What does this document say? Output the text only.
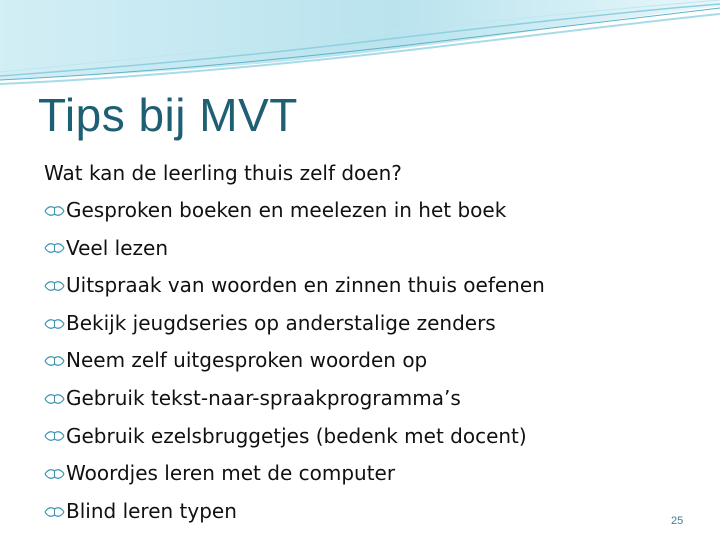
Tips bij MVT

Wat kan de leerling thuis zelf doen?

Gesproken boeken en meelezen in het boek
Veel lezen
Uitspraak van woorden en zinnen thuis oefenen
Bekijk jeugdseries op anderstalige zenders
Neem zelf uitgesproken woorden op
Gebruik tekst-naar-spraakprogramma’s
Gebruik ezelsbruggetjes (bedenk met docent)
Woordjes leren met de computer
Blind leren typen	25
